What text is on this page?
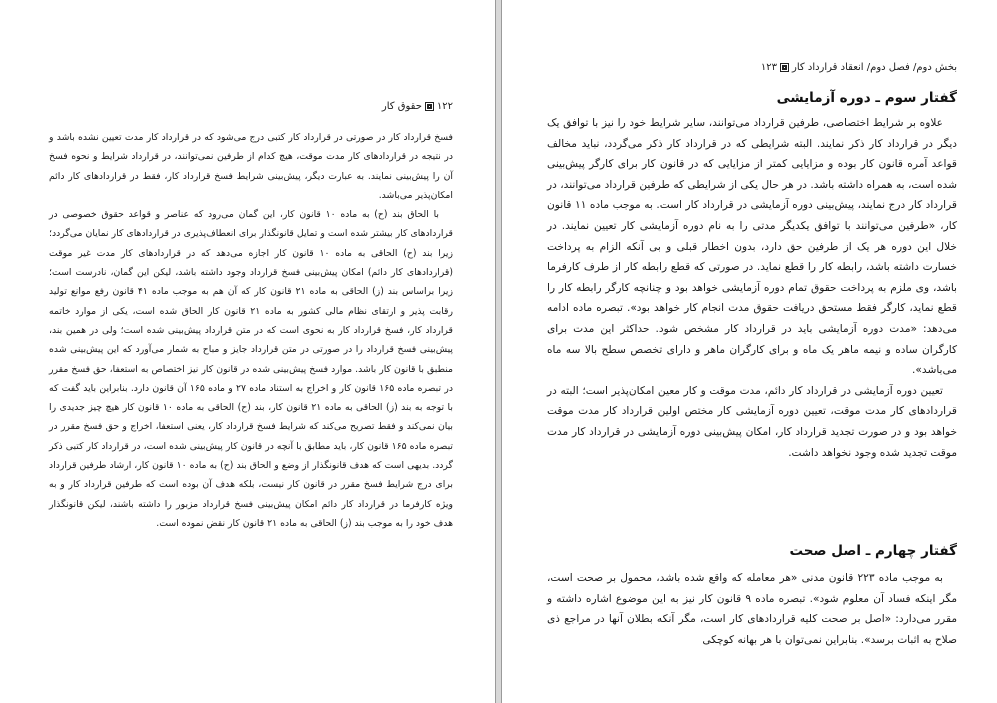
۱۲۲حقوق کار

فسخ قرارداد کار در صورتی در قرارداد کار کتبی درج می‌شود که در قرارداد کار مدت تعیین نشده باشد و در نتیجه در قراردادهای کار مدت موقت، هیچ کدام از طرفین نمی‌توانند، در قرارداد شرایط و نحوه فسخ آن را پیش‌بینی نمایند. به عبارت دیگر، پیش‌بینی شرایط فسخ قرارداد کار، فقط در قراردادهای کار دائم امکان‌پذیر می‌باشد.

با الحاق بند (ح) به ماده ۱۰ قانون کار، این گمان می‌رود که عناصر و قواعد حقوق خصوصی در قراردادهای کار بیشتر شده است و تمایل قانونگذار برای انعطاف‌پذیری در قراردادهای کار نمایان می‌گردد؛ زیرا بند (ح) الحاقی به ماده ۱۰ قانون کار اجازه می‌دهد که در قراردادهای کار مدت غیر موقت (قراردادهای کار دائم) امکان پیش‌بینی فسخ قرارداد وجود داشته باشد، لیکن این گمان، نادرست است؛ زیرا براساس بند (ز) الحاقی به ماده ۲۱ قانون کار که آن هم به موجب ماده ۴۱ قانون رفع موانع تولید رقابت پذیر و ارتقای نظام مالی کشور به ماده ۲۱ قانون کار الحاق شده است، یکی از موارد خاتمه قرارداد کار، فسخ قرارداد کار به نحوی است که در متن قرارداد پیش‌بینی شده است؛ ولی در همین بند، پیش‌بینی فسخ قرارداد را در صورتی در متن قرارداد جایز و مباح به شمار می‌آورد که این پیش‌بینی شده منطبق با قانون کار باشد. موارد فسخ پیش‌بینی شده در قانون کار نیز اختصاص به استعفا، حق فسخ مقرر در تبصره ماده ۱۶۵ قانون کار و اخراج به استناد ماده ۲۷ و ماده ۱۶۵ آن قانون دارد. بنابراین باید گفت که با توجه به بند (ز) الحاقی به ماده ۲۱ قانون کار، بند (ح) الحاقی به ماده ۱۰ قانون کار هیچ چیز جدیدی را بیان نمی‌کند و فقط تصریح می‌کند که شرایط فسخ قرارداد کار، یعنی استعفا، اخراج و حق فسخ مقرر در تبصره ماده ۱۶۵ قانون کار، باید مطابق با آنچه در قانون کار پیش‌بینی شده است، در قرارداد کار کتبی ذکر گردد. بدیهی است که هدف قانونگذار از وضع و الحاق بند (ح) به ماده ۱۰ قانون کار، ارشاد طرفین قرارداد برای درج شرایط فسخ مقرر در قانون کار نیست، بلکه هدف آن بوده است که طرفین قرارداد کار و به ویژه کارفرما در قرارداد کار دائم امکان پیش‌بینی فسخ قرارداد مزبور را داشته باشند، لیکن قانونگذار هدف خود را به موجب بند (ز) الحاقی به ماده ۲۱ قانون کار نقض نموده است.

بخش دوم/ فصل دوم/ انعقاد قرارداد کار۱۲۳
گفتار سوم ـ دوره آزمایشی

علاوه بر شرایط اختصاصی، طرفین قرارداد می‌توانند، سایر شرایط خود را نیز با توافق یک دیگر در قرارداد کار ذکر نمایند. البته شرایطی که در قرارداد کار ذکر می‌گردد، نباید مخالف قواعد آمره قانون کار بوده و مزایایی کمتر از مزایایی که در قانون کار برای کارگر پیش‌بینی شده است، به همراه داشته باشد. در هر حال یکی از شرایطی که طرفین قرارداد می‌توانند، در قرارداد کار درج نمایند، پیش‌بینی دوره آزمایشی در قرارداد کار است. به موجب ماده ۱۱ قانون کار، «طرفین می‌توانند با توافق یکدیگر مدتی را به نام دوره آزمایشی کار تعیین نمایند. در خلال این دوره هر یک از طرفین حق دارد، بدون اخطار قبلی و بی آنکه الزام به پرداخت خسارت داشته باشد، رابطه کار را قطع نماید. در صورتی که قطع رابطه کار از طرف کارفرما باشد، وی ملزم به پرداخت حقوق تمام دوره آزمایشی خواهد بود و چنانچه کارگر رابطه کار را قطع نماید، کارگر فقط مستحق دریافت حقوق مدت انجام کار خواهد بود». تبصره ماده ادامه می‌دهد: «مدت دوره آزمایشی باید در قرارداد کار مشخص شود. حداکثر این مدت برای کارگران ساده و نیمه ماهر یک ماه و برای کارگران ماهر و دارای تخصص سطح بالا سه ماه می‌باشد».

تعیین دوره آزمایشی در قرارداد کار دائم، مدت موقت و کار معین امکان‌پذیر است؛ البته در قراردادهای کار مدت موقت، تعیین دوره آزمایشی کار مختص اولین قرارداد کار مدت موقت خواهد بود و در صورت تجدید قرارداد کار، امکان پیش‌بینی دوره آزمایشی در قرارداد کار مدت موقت تجدید شده وجود نخواهد داشت.

گفتار چهارم ـ اصل صحت

به موجب ماده ۲۲۳ قانون مدنی «هر معامله که واقع شده باشد، محمول بر صحت است، مگر اینکه فساد آن معلوم شود». تبصره ماده ۹ قانون کار نیز به این موضوع اشاره داشته و مقرر می‌دارد: «اصل بر صحت کلیه قراردادهای کار است، مگر آنکه بطلان آنها در مراجع ذی صلاح به اثبات برسد». بنابراین نمی‌توان با هر بهانه کوچکی
